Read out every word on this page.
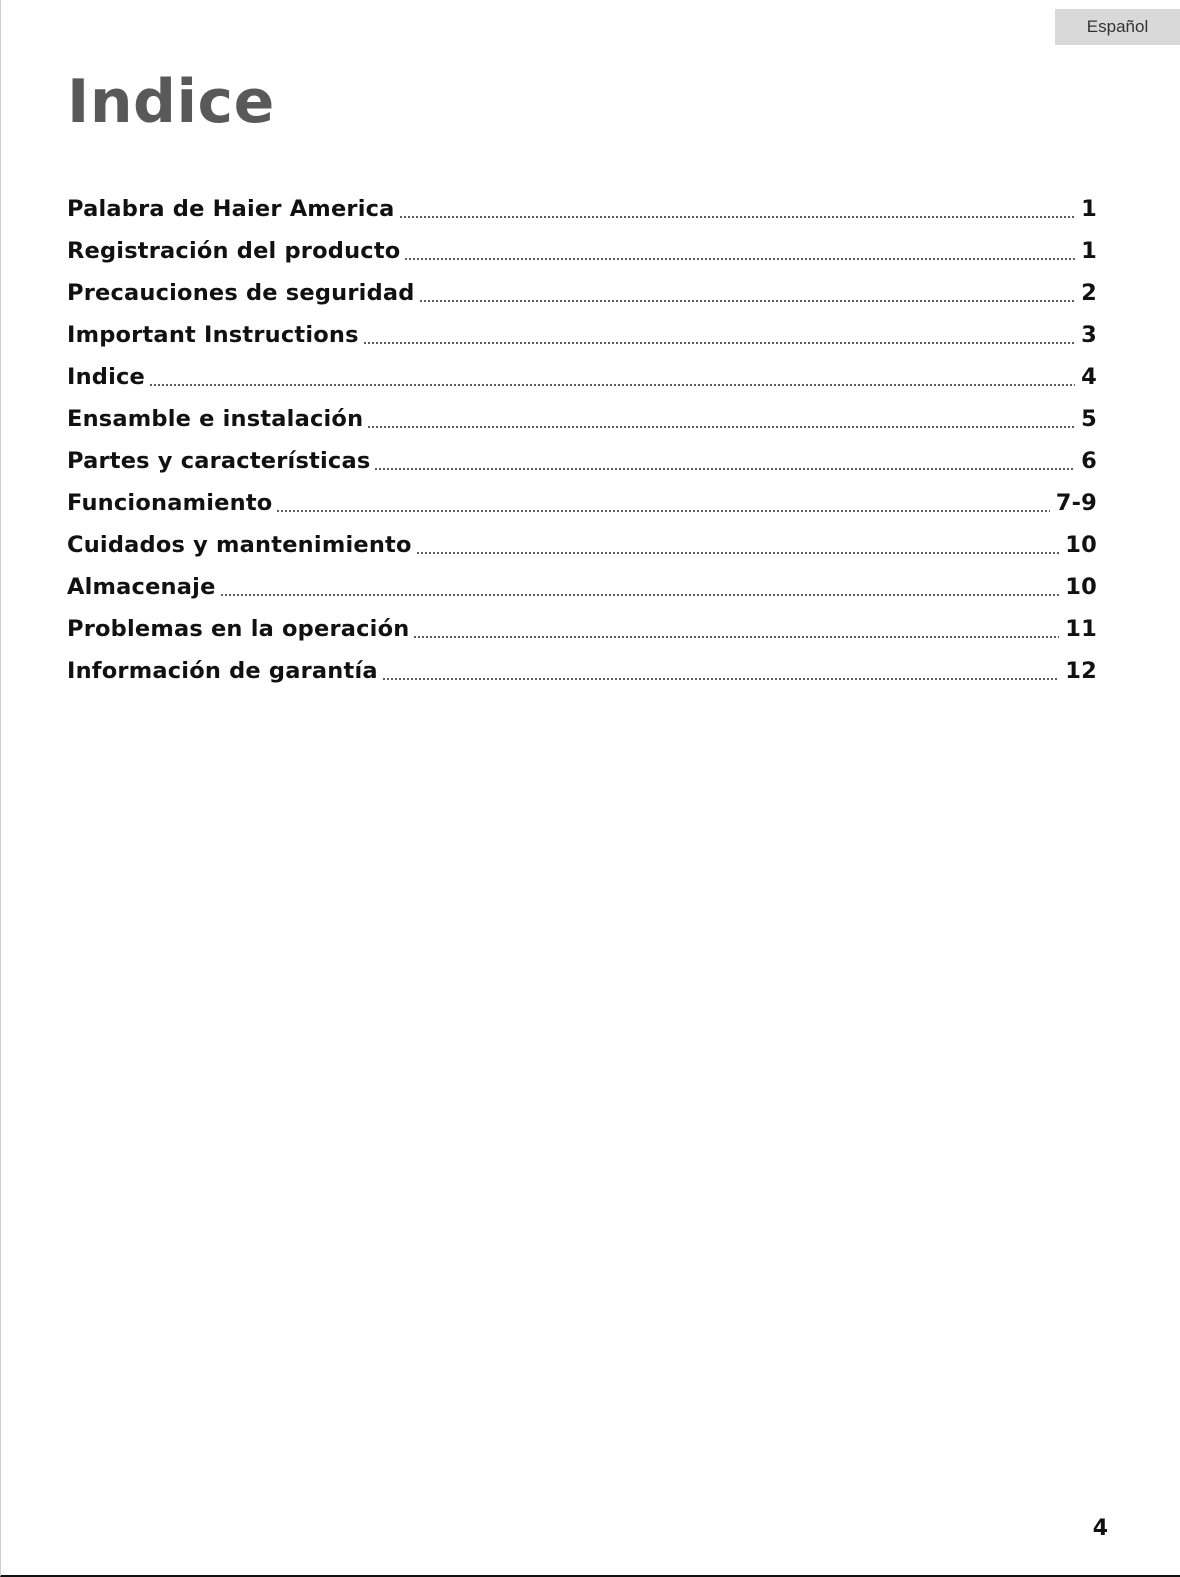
Español
Indice
Palabra de Haier America	1
Registración del producto	1
Precauciones de seguridad	2
Important Instructions	3
Indice	4
Ensamble e instalación	5
Partes y características	6
Funcionamiento	7-9
Cuidados y mantenimiento	10
Almacenaje	10
Problemas en la operación	11
Información de garantía	12
4
